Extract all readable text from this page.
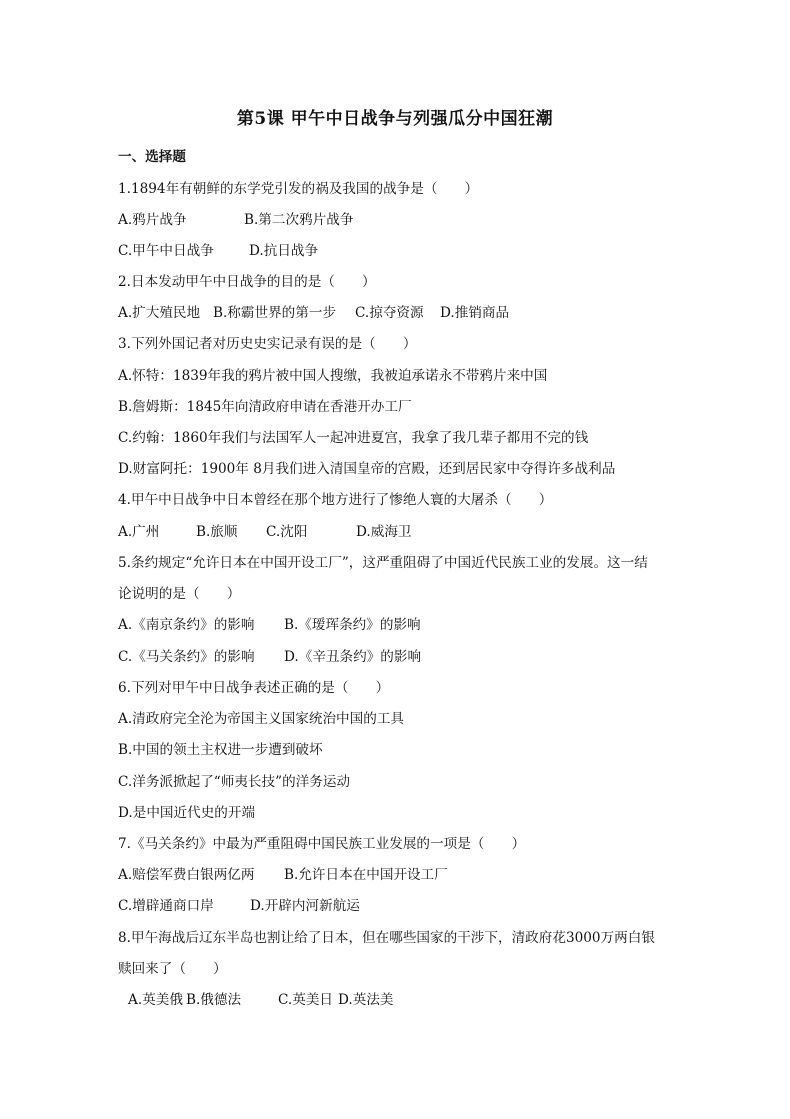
第5课 甲午中日战争与列强瓜分中国狂潮
一、选择题
1.1894年有朝鲜的东学党引发的祸及我国的战争是（　　）
A.鸦片战争	B.第二次鸦片战争
C.甲午中日战争	D.抗日战争
2.日本发动甲午中日战争的目的是（　　）
A.扩大殖民地 B.称霸世界的第一步 C.掠夺资源 D.推销商品
3.下列外国记者对历史史实记录有误的是（　　）
A.怀特：1839年我的鸦片被中国人搜缴，我被迫承诺永不带鸦片来中国
B.詹姆斯：1845年向清政府申请在香港开办工厂
C.约翰：1860年我们与法国军人一起冲进夏宫，我拿了我几辈子都用不完的钱
D.财富阿托：1900年 8月我们进入清国皇帝的宫殿，还到居民家中夺得许多战利品
4.甲午中日战争中日本曾经在那个地方进行了惨绝人寰的大屠杀（　　）
A.广州	B.旅顺 C.沈阳	D.威海卫
5.条约规定“允许日本在中国开设工厂”，这严重阻碍了中国近代民族工业的发展。这一结
论说明的是（　　）
A.《南京条约》的影响 B.《瑷珲条约》的影响
C.《马关条约》的影响 D.《辛丑条约》的影响
6.下列对甲午中日战争表述正确的是（　　）
A.清政府完全沦为帝国主义国家统治中国的工具
B.中国的领土主权进一步遭到破坏
C.洋务派掀起了“师夷长技”的洋务运动
D.是中国近代史的开端
7.《马关条约》中最为严重阻碍中国民族工业发展的一项是（　　）
A.赔偿军费白银两亿两 B.允许日本在中国开设工厂
C.增辟通商口岸	D.开辟内河新航运
8.甲午海战后辽东半岛也割让给了日本，但在哪些国家的干涉下，清政府花3000万两白银
赎回来了（　　）
A.英美俄 B.俄德法	C.英美日 D.英法美
